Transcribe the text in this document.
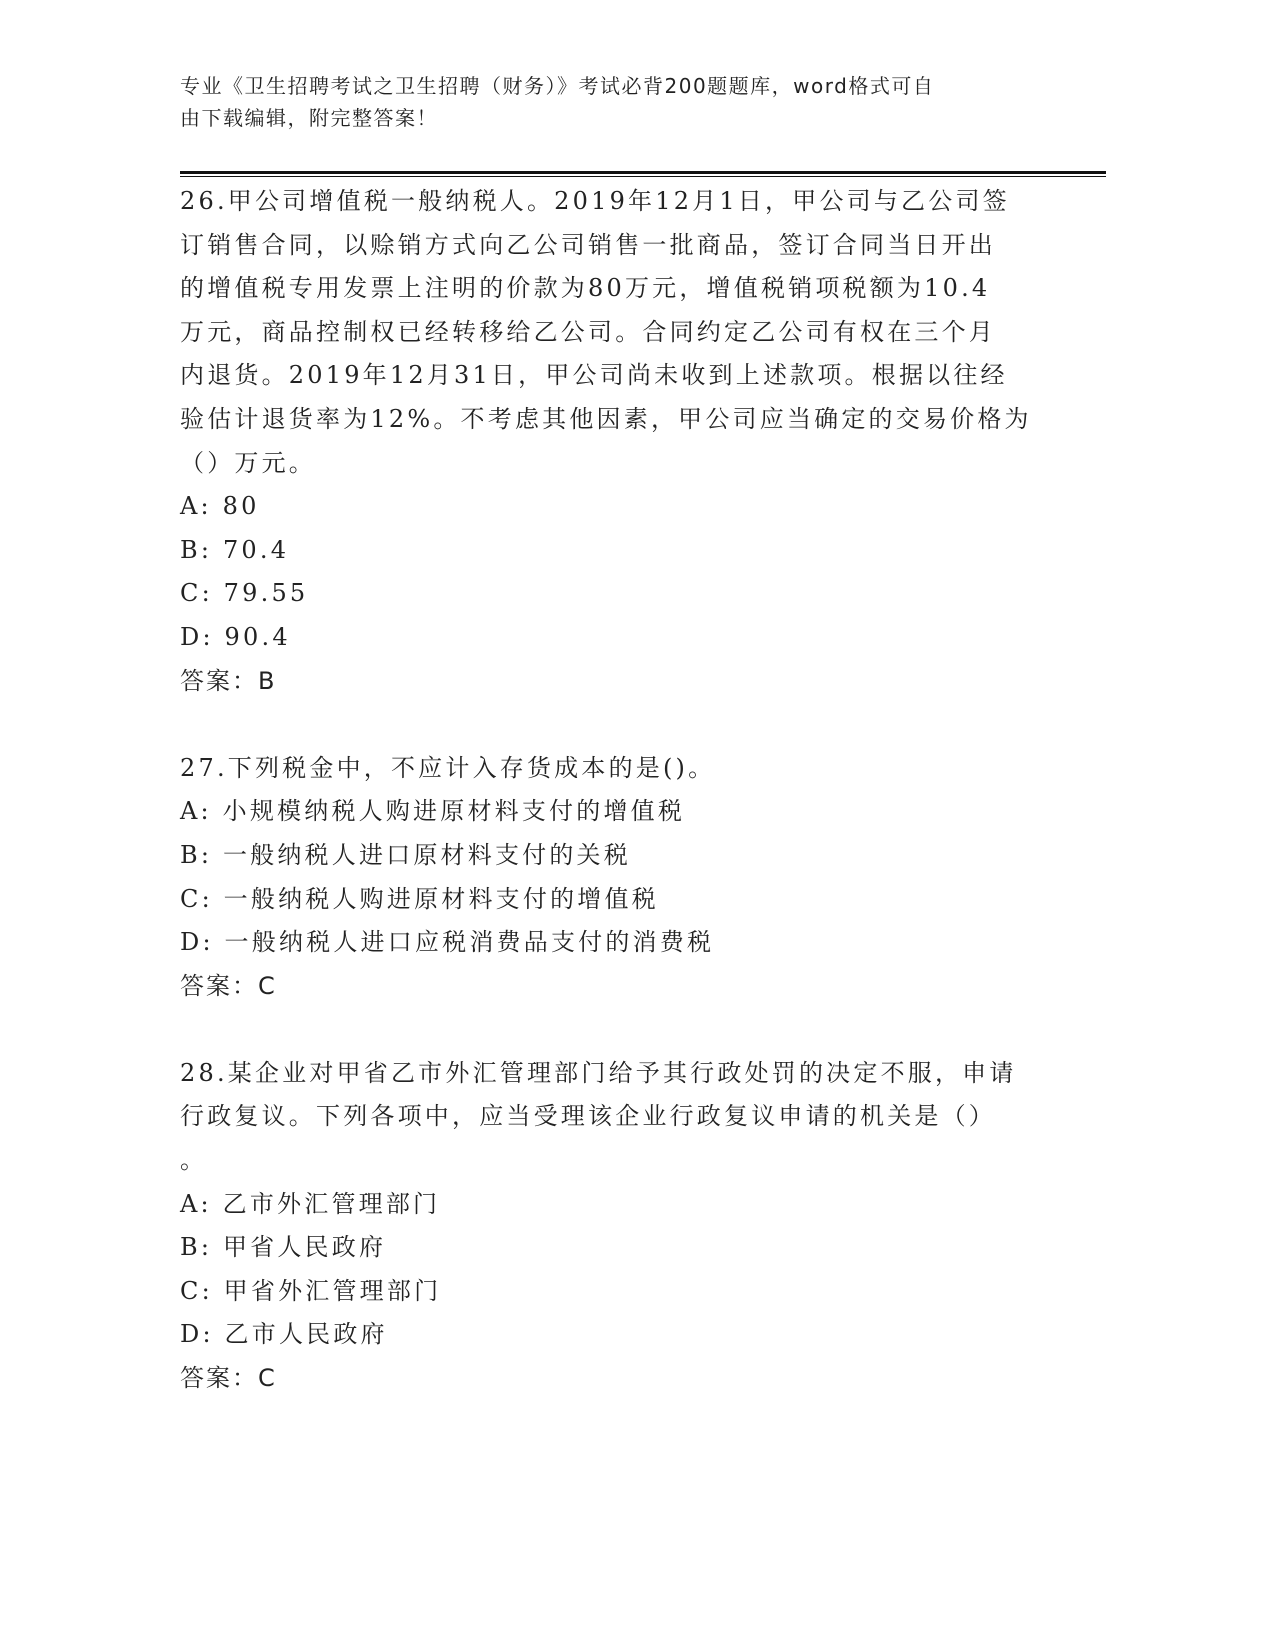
专业《卫生招聘考试之卫生招聘（财务）》考试必背200题题库，word格式可自
由下载编辑，附完整答案！
26.甲公司增值税一般纳税人。2019年12月1日，甲公司与乙公司签
订销售合同，以赊销方式向乙公司销售一批商品，签订合同当日开出
的增值税专用发票上注明的价款为80万元，增值税销项税额为10.4
万元，商品控制权已经转移给乙公司。合同约定乙公司有权在三个月
内退货。2019年12月31日，甲公司尚未收到上述款项。根据以往经
验估计退货率为12%。不考虑其他因素，甲公司应当确定的交易价格为
（）万元。
A: 80
B: 70.4
C: 79.55
D: 90.4
答案：B
27.下列税金中，不应计入存货成本的是()。
A: 小规模纳税人购进原材料支付的增值税
B: 一般纳税人进口原材料支付的关税
C: 一般纳税人购进原材料支付的增值税
D: 一般纳税人进口应税消费品支付的消费税
答案：C
28.某企业对甲省乙市外汇管理部门给予其行政处罚的决定不服，申请
行政复议。下列各项中，应当受理该企业行政复议申请的机关是（）
。
A: 乙市外汇管理部门
B: 甲省人民政府
C: 甲省外汇管理部门
D: 乙市人民政府
答案：C
